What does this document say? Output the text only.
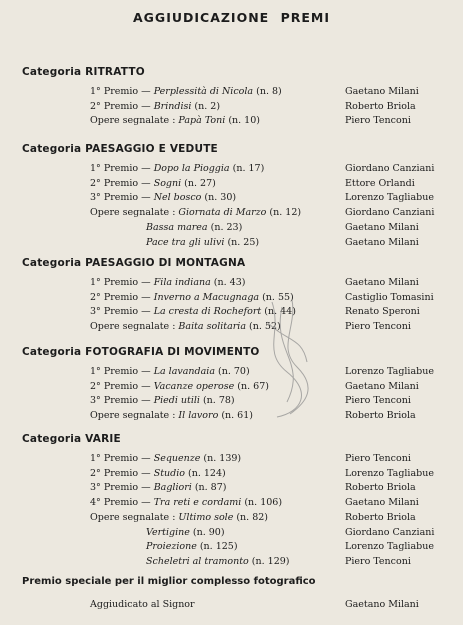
AGGIUDICAZIONE PREMI
Categoria RITRATTO
1° Premio — Perplessità di Nicola (n. 8)	Gaetano Milani
2° Premio — Brindisi (n. 2)	Roberto Briola
Opere segnalate : Papà Toni (n. 10)	Piero Tenconi
Categoria PAESAGGIO E VEDUTE
1° Premio — Dopo la Pioggia (n. 17)	Giordano Canziani
2° Premio — Sogni (n. 27)	Ettore Orlandi
3° Premio — Nel bosco (n. 30)	Lorenzo Tagliabue
Opere segnalate : Giornata di Marzo (n. 12)	Giordano Canziani
Bassa marea (n. 23)	Gaetano Milani
Pace tra gli ulivi (n. 25)	Gaetano Milani
Categoria PAESAGGIO DI MONTAGNA
1° Premio — Fila indiana (n. 43)	Gaetano Milani
2° Premio — Inverno a Macugnaga (n. 55)	Castiglio Tomasini
3° Premio — La cresta di Rochefort (n. 44)	Renato Speroni
Opere segnalate : Baita solitaria (n. 52)	Piero Tenconi
Categoria FOTOGRAFIA DI MOVIMENTO
1° Premio — La lavandaia (n. 70)	Lorenzo Tagliabue
2° Premio — Vacanze operose (n. 67)	Gaetano Milani
3° Premio — Piedi utili (n. 78)	Piero Tenconi
Opere segnalate : Il lavoro (n. 61)	Roberto Briola
Categoria VARIE
1° Premio — Sequenze (n. 139)	Piero Tenconi
2° Premio — Studio (n. 124)	Lorenzo Tagliabue
3° Premio — Bagliori (n. 87)	Roberto Briola
4° Premio — Tra reti e cordami (n. 106)	Gaetano Milani
Opere segnalate : Ultimo sole (n. 82)	Roberto Briola
Vertigine (n. 90)	Giordano Canziani
Proiezione (n. 125)	Lorenzo Tagliabue
Scheletri al tramonto (n. 129)	Piero Tenconi
Premio speciale per il miglior complesso fotografico
Aggiudicato al Signor	Gaetano Milani
